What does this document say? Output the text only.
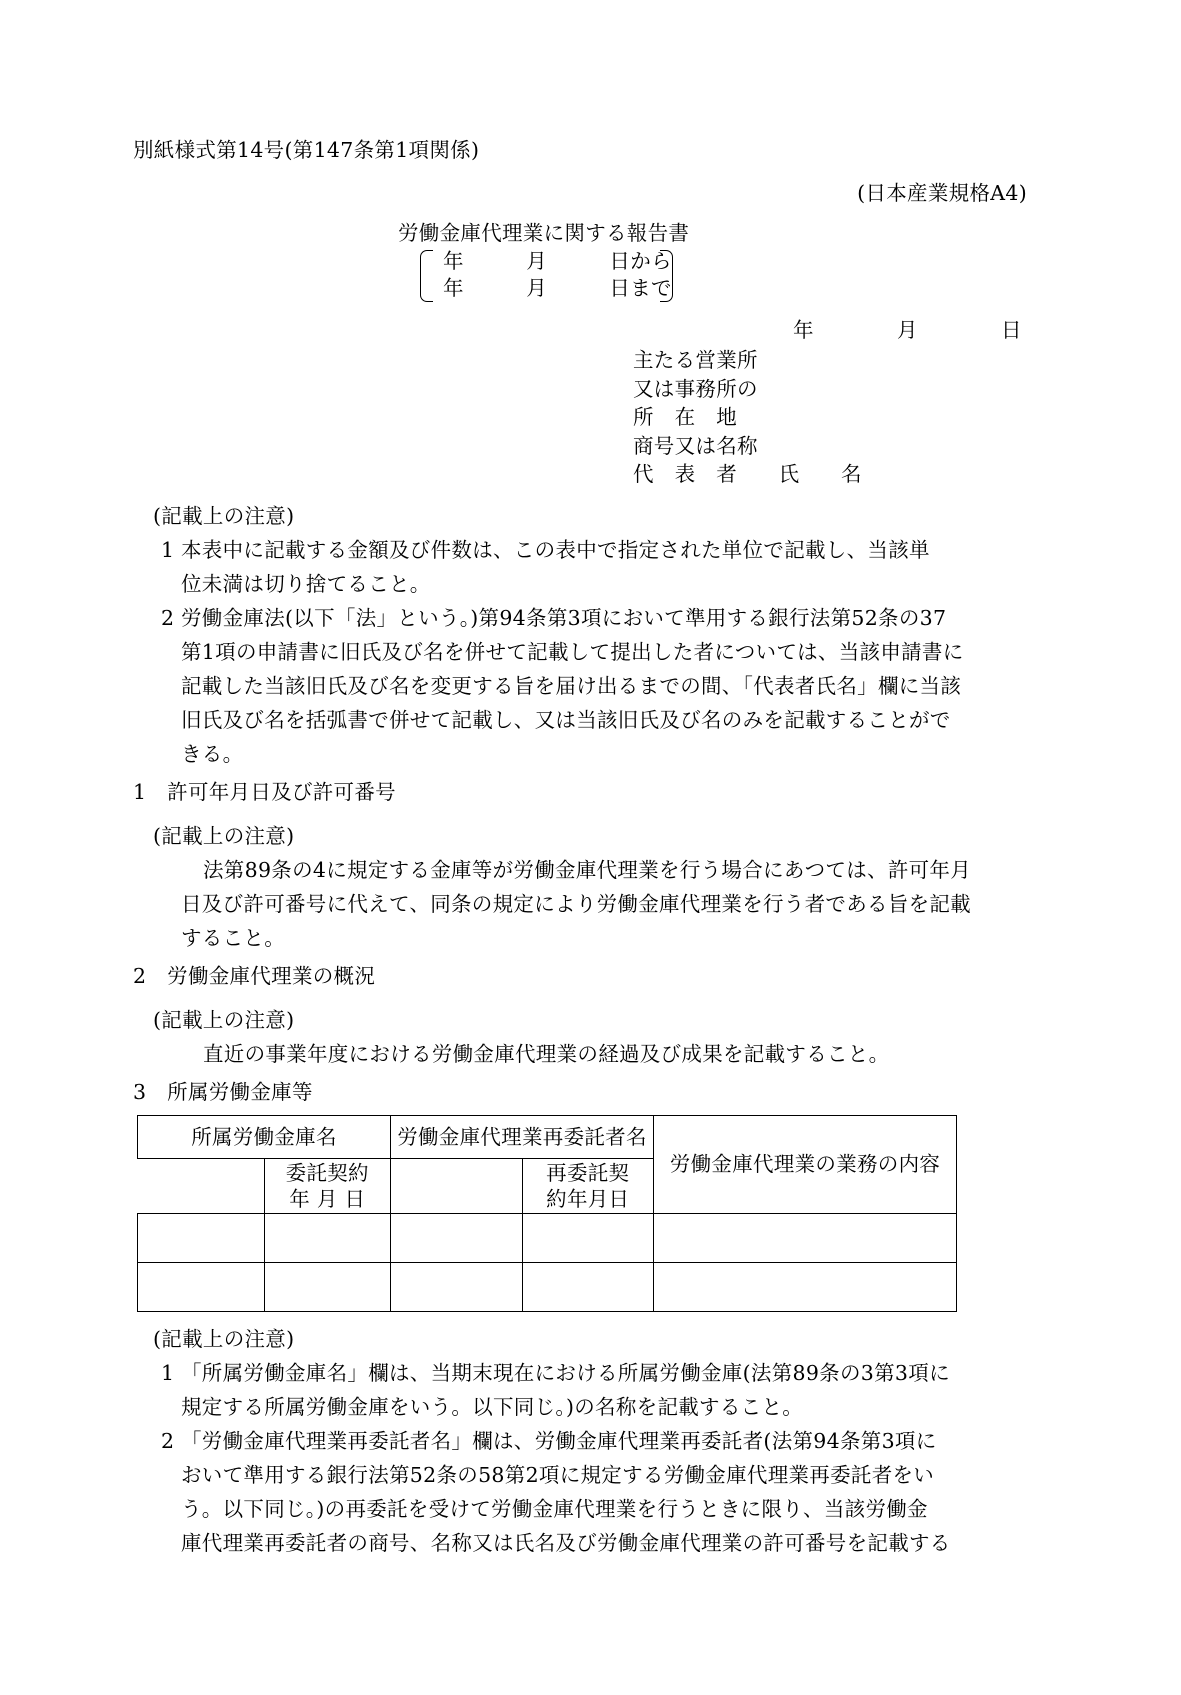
別紙様式第14号(第147条第1項関係)
(日本産業規格A4)
労働金庫代理業に関する報告書
年　　　月　　　日から
年　　　月　　　日まで
年　　　　月　　　　日
主たる営業所
又は事務所の
所　在　地
商号又は名称
代　表　者　　氏　　名
(記載上の注意)
1 本表中に記載する金額及び件数は、この表中で指定された単位で記載し、当該単
位未満は切り捨てること。
2 労働金庫法(以下「法」という。)第94条第3項において準用する銀行法第52条の37
第1項の申請書に旧氏及び名を併せて記載して提出した者については、当該申請書に
記載した当該旧氏及び名を変更する旨を届け出るまでの間、「代表者氏名」欄に当該
旧氏及び名を括弧書で併せて記載し、又は当該旧氏及び名のみを記載することがで
きる。
1　 許可年月日及び許可番号
(記載上の注意)
法第89条の4に規定する金庫等が労働金庫代理業を行う場合にあつては、許可年月
日及び許可番号に代えて、同条の規定により労働金庫代理業を行う者である旨を記載
すること。
2　 労働金庫代理業の概況
(記載上の注意)
直近の事業年度における労働金庫代理業の経過及び成果を記載すること。
3　 所属労働金庫等
所属労働金庫名		労働金庫代理業再委託者名		労働金庫代理業の業務の内容
	委託契約
年 月 日		再委託契
約年月日	

(記載上の注意)
1 「所属労働金庫名」欄は、当期末現在における所属労働金庫(法第89条の3第3項に
規定する所属労働金庫をいう。以下同じ。)の名称を記載すること。
2 「労働金庫代理業再委託者名」欄は、労働金庫代理業再委託者(法第94条第3項に
おいて準用する銀行法第52条の58第2項に規定する労働金庫代理業再委託者をい
う。以下同じ。)の再委託を受けて労働金庫代理業を行うときに限り、当該労働金
庫代理業再委託者の商号、名称又は氏名及び労働金庫代理業の許可番号を記載する
